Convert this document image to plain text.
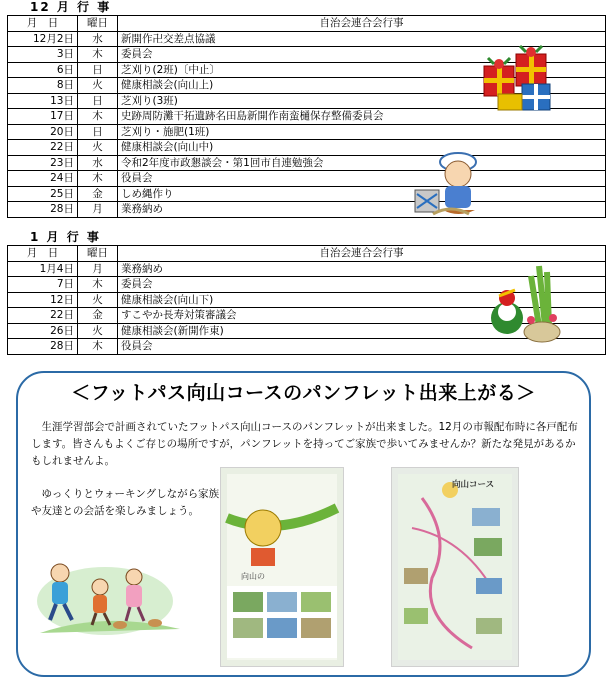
12 月 行 事
月　日	曜日	自治会連合会行事
12月2日	水	新開作卍交差点協議
3日	木	委員会
6日	日	芝刈り(2班)〔中止〕
8日	火	健康相談会(向山上)
13日	日	芝刈り(3班)
17日	木	史跡周防灘干拓遺跡名田島新開作南蛮樋保存整備委員会
20日	日	芝刈り・施肥(1班)
22日	火	健康相談会(向山中)
23日	水	令和2年度市政懇談会・第1回市自連勉強会
24日	木	役員会
25日	金	しめ縄作り
28日	月	業務納め
1 月 行 事
月　日	曜日	自治会連合会行事
1月4日	月	業務納め
7日	木	委員会
12日	火	健康相談会(向山下)
22日	金	すこやか長寿対策審議会
26日	火	健康相談会(新開作東)
28日	木	役員会
＜フットパス向山コースのパンフレット出来上がる＞
生涯学習部会で計画されていたフットパス向山コースのパンフレットが出来ました。12月の市報配布時に各戸配布します。皆さんもよくご存じの場所ですが，パンフレットを持ってご家族で歩いてみませんか？新たな発見があるかもしれませんよ。
ゆっくりとウォーキングしながら家族や友達との会話を楽しみましょう。
向山の
向山コース
